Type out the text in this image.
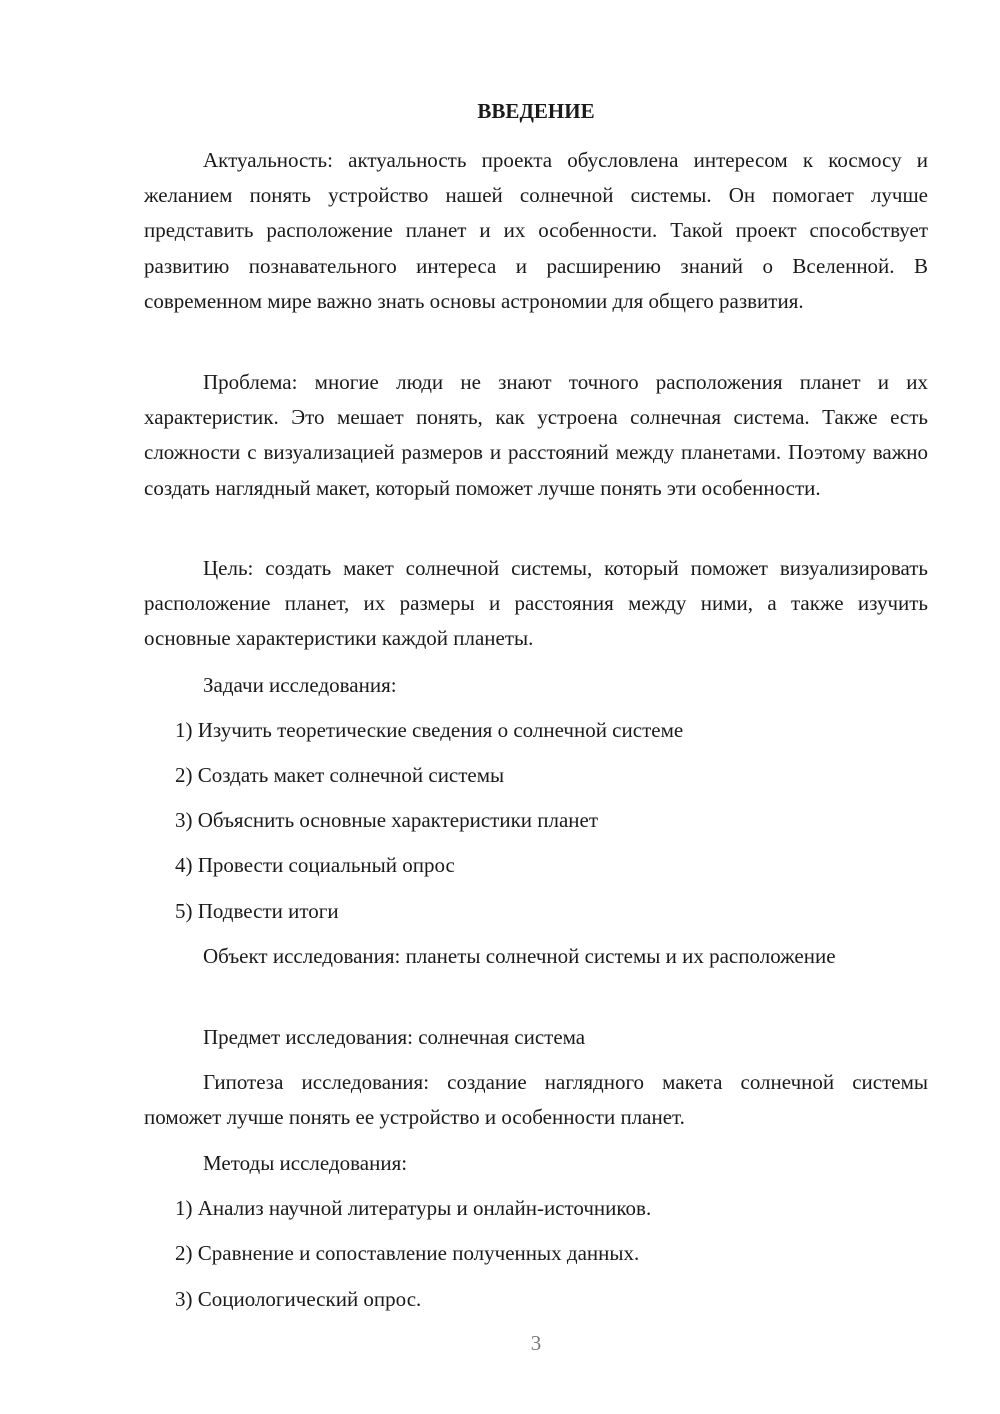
ВВЕДЕНИЕ
Актуальность: актуальность проекта обусловлена интересом к космосу и желанием понять устройство нашей солнечной системы. Он помогает лучше представить расположение планет и их особенности. Такой проект способствует развитию познавательного интереса и расширению знаний о Вселенной. В современном мире важно знать основы астрономии для общего развития.
Проблема: многие люди не знают точного расположения планет и их характеристик. Это мешает понять, как устроена солнечная система. Также есть сложности с визуализацией размеров и расстояний между планетами. Поэтому важно создать наглядный макет, который поможет лучше понять эти особенности.
Цель: создать макет солнечной системы, который поможет визуализировать расположение планет, их размеры и расстояния между ними, а также изучить основные характеристики каждой планеты.
Задачи исследования:
1) Изучить теоретические сведения о солнечной системе
2) Создать макет солнечной системы
3) Объяснить основные характеристики планет
4) Провести социальный опрос
5) Подвести итоги
Объект исследования: планеты солнечной системы и их расположение
Предмет исследования: солнечная система
Гипотеза исследования: создание наглядного макета солнечной системы поможет лучше понять ее устройство и особенности планет.
Методы исследования:
1) Анализ научной литературы и онлайн-источников.
2) Сравнение и сопоставление полученных данных.
3) Социологический опрос.
3
